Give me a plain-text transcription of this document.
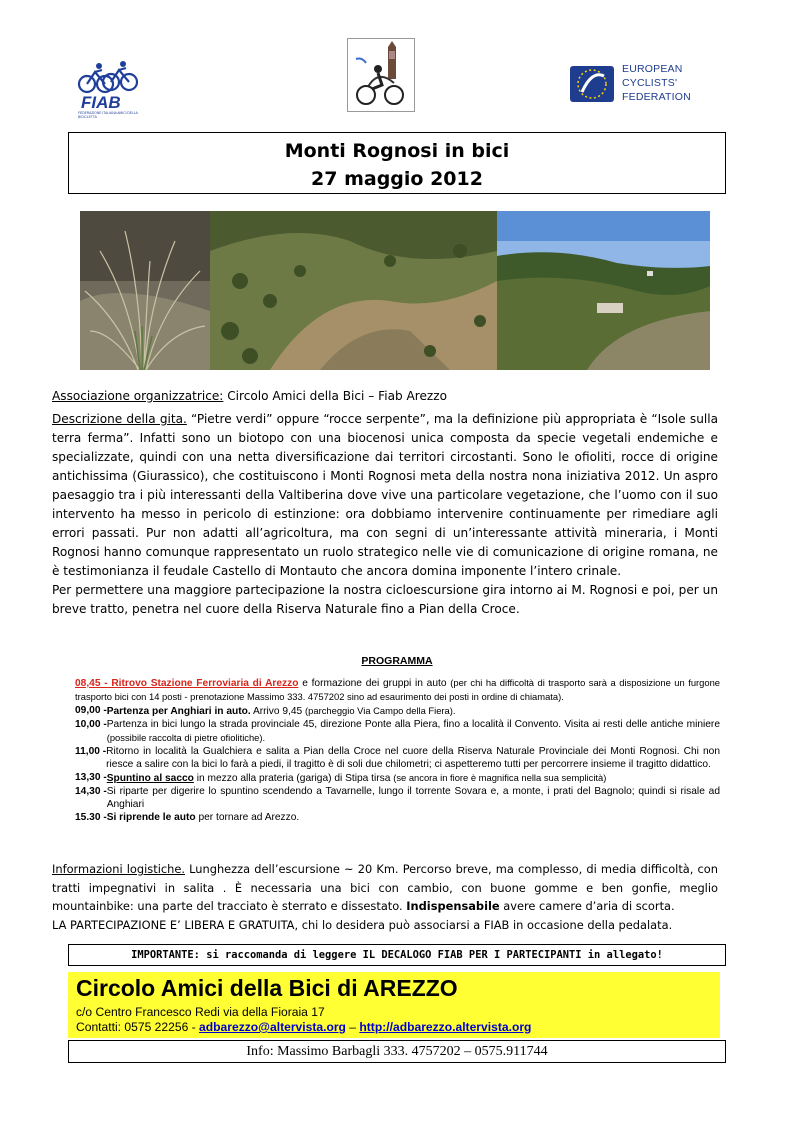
FIAB
FEDERAZIONE ITALIANA AMICI DELLA BICICLETTA
EUROPEAN
CYCLISTS'
FEDERATION
Monti Rognosi in bici
27 maggio 2012
Associazione organizzatrice: Circolo Amici della Bici – Fiab Arezzo

Descrizione della gita. “Pietre verdi” oppure “rocce serpente”, ma la definizione più appropriata è “Isole sulla terra ferma”. Infatti sono un biotopo con una biocenosi unica composta da specie vegetali endemiche e specializzate, quindi con una netta diversificazione dai territori circostanti. Sono le ofioliti, rocce di origine antichissima (Giurassico), che costituiscono i Monti Rognosi meta della nostra nona iniziativa 2012. Un aspro paesaggio tra i più interessanti della Valtiberina dove vive una particolare vegetazione, che l’uomo con il suo intervento ha messo in pericolo di estinzione: ora dobbiamo intervenire continuamente per rimediare agli errori passati. Pur non adatti all’agricoltura, ma con segni di un’interessante attività mineraria, i Monti Rognosi hanno comunque rappresentato un ruolo strategico nelle vie di comunicazione di origine romana, ne è testimonianza il feudale Castello di Montauto che ancora domina imponente l’intero crinale.

Per permettere una maggiore partecipazione la nostra cicloescursione gira intorno ai M. Rognosi e poi, per un breve tratto, penetra nel cuore della Riserva Naturale fino a Pian della Croce.

PROGRAMMA
08,45 - Ritrovo Stazione Ferroviaria di Arezzo e formazione dei gruppi in auto (per chi ha difficoltà di trasporto sarà a disposizione un furgone trasporto bici con 14 posti - prenotazione Massimo 333. 4757202 sino ad esaurimento dei posti in ordine di chiamata).
09,00 - Partenza per Anghiari in auto. Arrivo 9,45 (parcheggio Via Campo della Fiera).
10,00 - Partenza in bici lungo la strada provinciale 45, direzione Ponte alla Piera, fino a località il Convento. Visita ai resti delle antiche miniere (possibile raccolta di pietre ofiolitiche).
11,00 - Ritorno in località la Gualchiera e salita a Pian della Croce nel cuore della Riserva Naturale Provinciale dei Monti Rognosi. Chi non riesce a salire con la bici lo farà a piedi, il tragitto è di soli due chilometri; ci aspetteremo tutti per percorrere insieme il tragitto didattico.
13,30 - Spuntino al sacco in mezzo alla prateria (gariga) di Stipa tirsa (se ancora in fiore è magnifica nella sua semplicità)
14,30 - Si riparte per digerire lo spuntino scendendo a Tavarnelle, lungo il torrente Sovara e, a monte, i prati del Bagnolo; quindi si risale ad Anghiari
15.30 - Si riprende le auto per tornare ad Arezzo.

Informazioni logistiche. Lunghezza dell’escursione ~ 20 Km. Percorso breve, ma complesso, di media difficoltà, con tratti impegnativi in salita . È necessaria una bici con cambio, con buone gomme e ben gonfie, meglio mountainbike: una parte del tracciato è sterrato e dissestato. Indispensabile avere camere d’aria di scorta.

LA PARTECIPAZIONE E’ LIBERA E GRATUITA, chi lo desidera può associarsi a FIAB in occasione della pedalata.

IMPORTANTE: si raccomanda di leggere IL DECALOGO FIAB PER I PARTECIPANTI in allegato!
Circolo Amici della Bici di AREZZO
c/o Centro Francesco Redi via della Fioraia 17
Contatti: 0575 22256 - adbarezzo@altervista.org – http://adbarezzo.altervista.org
Info: Massimo Barbagli 333. 4757202 – 0575.911744
